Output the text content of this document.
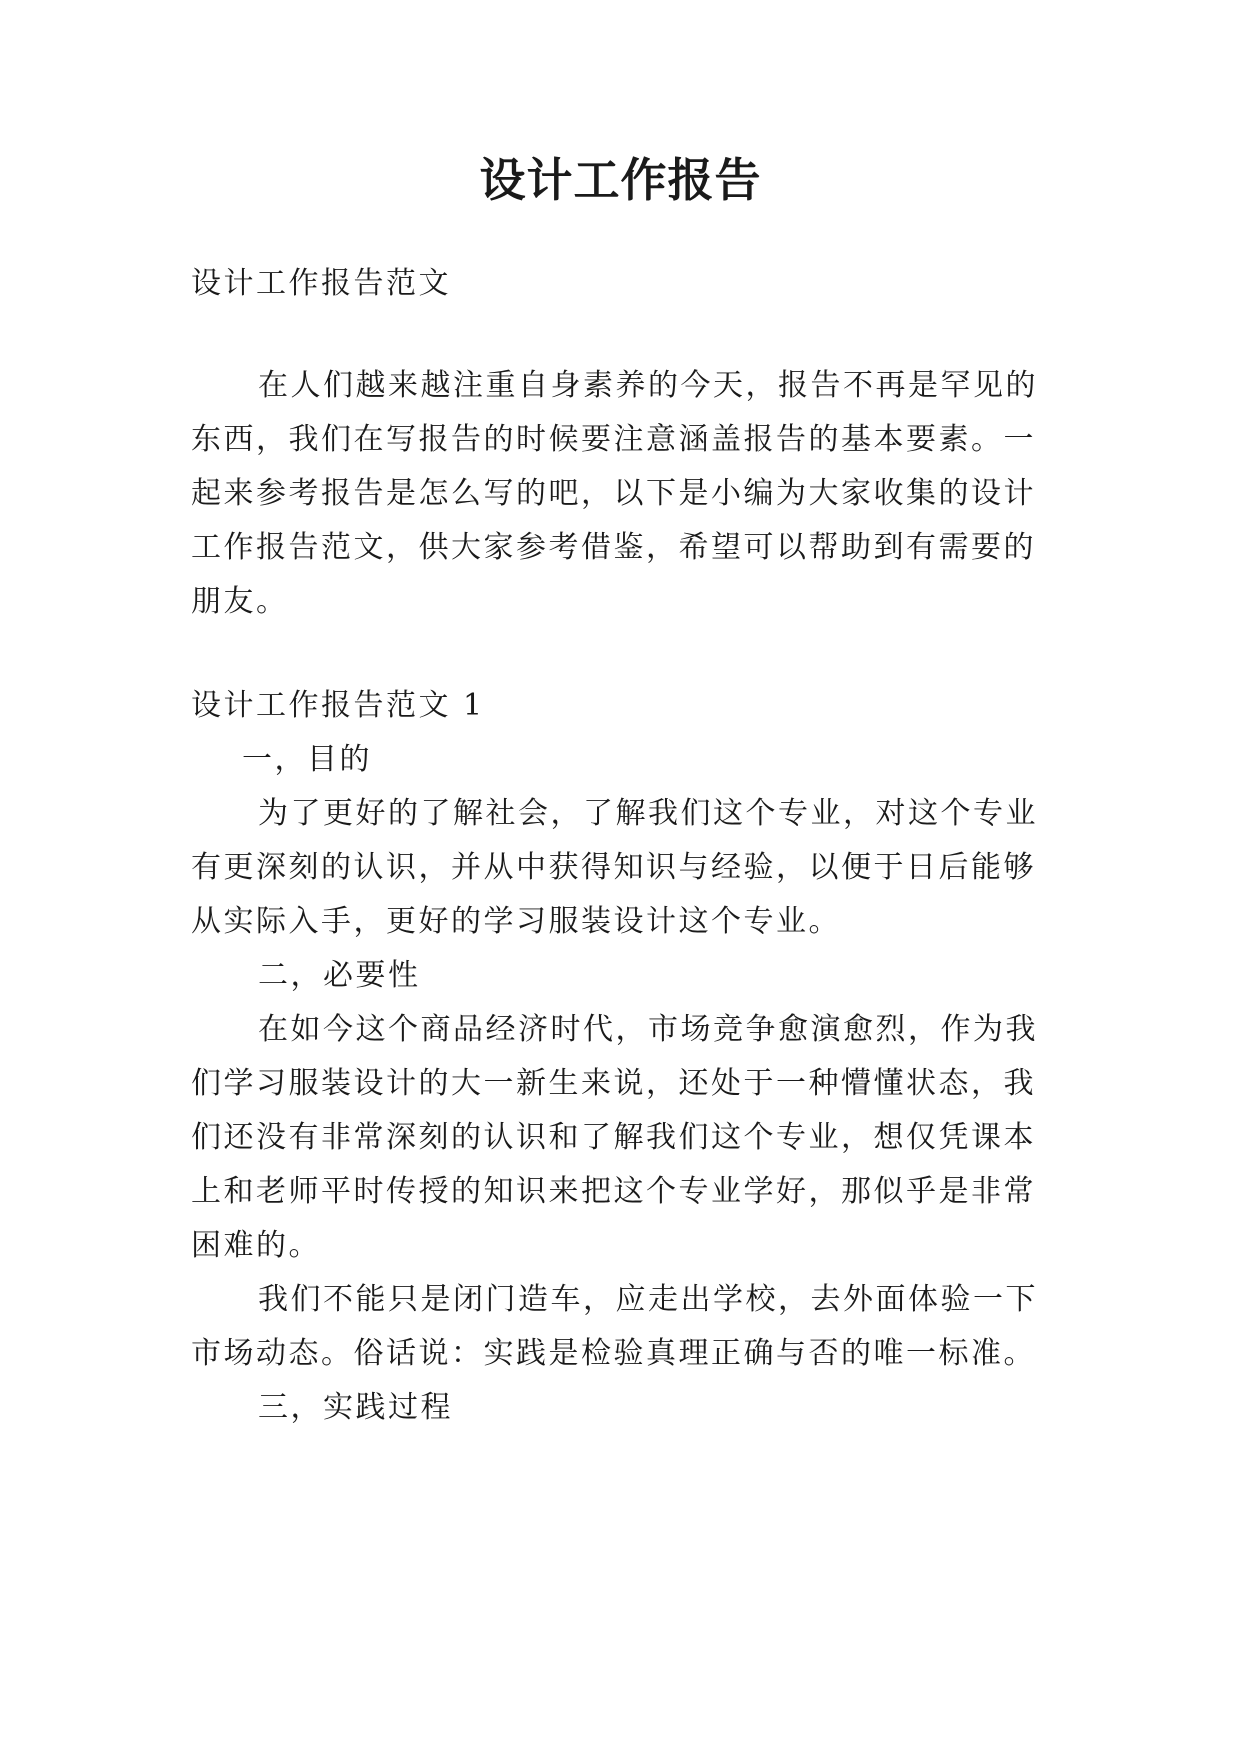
设计工作报告
设计工作报告范文
在人们越来越注重自身素养的今天，报告不再是罕见的
东西，我们在写报告的时候要注意涵盖报告的基本要素。一
起来参考报告是怎么写的吧，以下是小编为大家收集的设计
工作报告范文，供大家参考借鉴，希望可以帮助到有需要的
朋友。
设计工作报告范文 1
一，目的
为了更好的了解社会，了解我们这个专业，对这个专业
有更深刻的认识，并从中获得知识与经验，以便于日后能够
从实际入手，更好的学习服装设计这个专业。
二，必要性
在如今这个商品经济时代，市场竞争愈演愈烈，作为我
们学习服装设计的大一新生来说，还处于一种懵懂状态，我
们还没有非常深刻的认识和了解我们这个专业，想仅凭课本
上和老师平时传授的知识来把这个专业学好，那似乎是非常
困难的。
我们不能只是闭门造车，应走出学校，去外面体验一下
市场动态。俗话说：实践是检验真理正确与否的唯一标准。
三，实践过程
